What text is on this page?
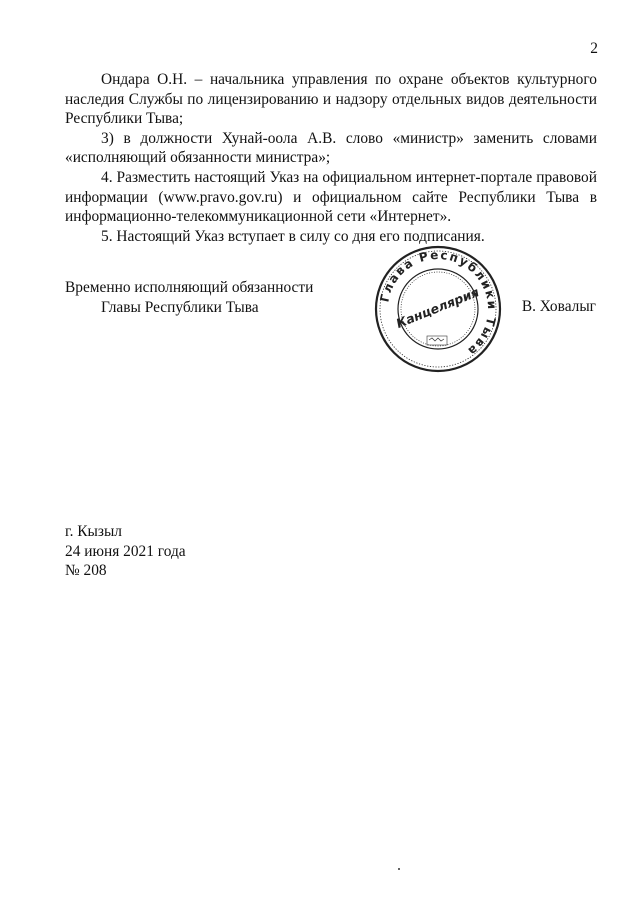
2

Ондара О.Н. – начальника управления по охране объектов культурного наследия Службы по лицензированию и надзору отдельных видов деятельности Республики Тыва;

3) в должности Хунай-оола А.В. слово «министр» заменить словами «исполняющий обязанности министра»;

4. Разместить настоящий Указ на официальном интернет-портале правовой информации (www.pravo.gov.ru) и официальном сайте Республики Тыва в информационно-телекоммуникационной сети «Интернет».

5. Настоящий Указ вступает в силу со дня его подписания.

Временно исполняющий обязанности
Главы Республики Тыва
Глава Республики Тыва
Канцелярия	В. Ховалыг
г. Кызыл
24 июня 2021 года
№ 208
